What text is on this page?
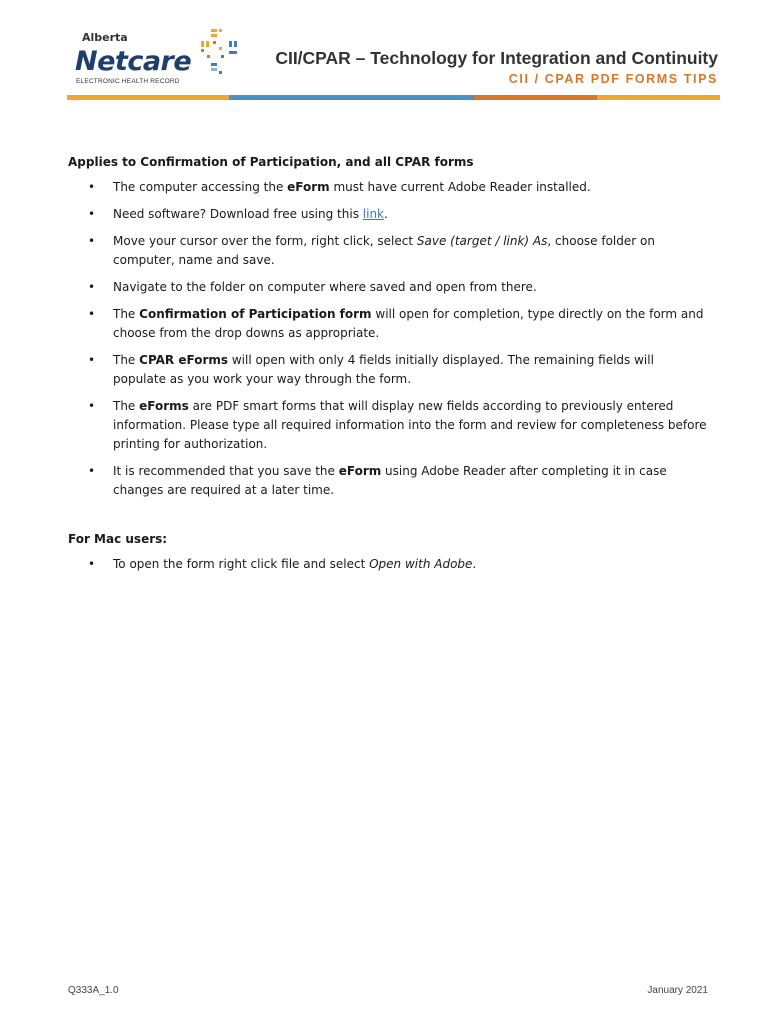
Alberta
Netcare
ELECTRONIC HEALTH RECORD
CII/CPAR – Technology for Integration and Continuity
CII / CPAR PDF FORMS TIPS
Applies to Confirmation of Participation, and all CPAR forms
• The computer accessing the eForm must have current Adobe Reader installed.
• Need software? Download free using this link.
• Move your cursor over the form, right click, select Save (target / link) As, choose folder on computer, name and save.
• Navigate to the folder on computer where saved and open from there.
• The Confirmation of Participation form will open for completion, type directly on the form and choose from the drop downs as appropriate.
• The CPAR eForms will open with only 4 fields initially displayed. The remaining fields will populate as you work your way through the form.
• The eForms are PDF smart forms that will display new fields according to previously entered information. Please type all required information into the form and review for completeness before printing for authorization.
• It is recommended that you save the eForm using Adobe Reader after completing it in case changes are required at a later time.
For Mac users:
• To open the form right click file and select Open with Adobe.
Q333A_1.0	January 2021
